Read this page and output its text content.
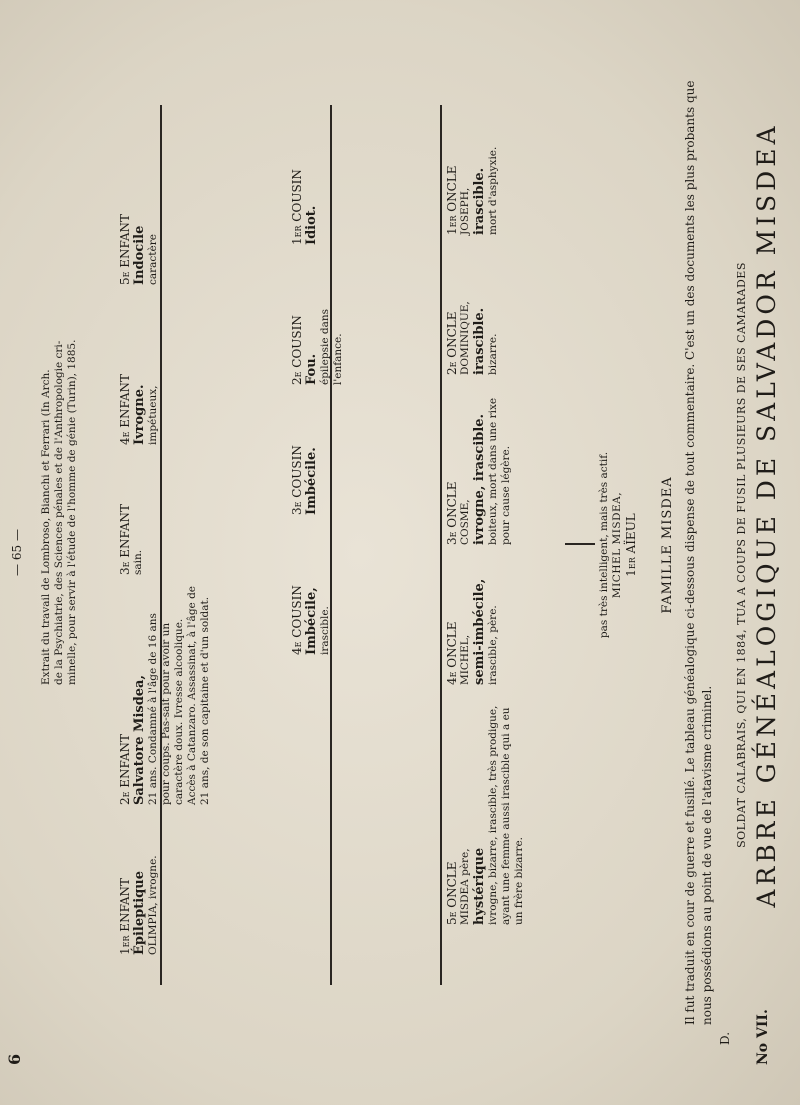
— 65 —
6
Extrait du travail de Lombroso, Bianchi et Ferrari (In Arch. de la Psychiatrie, des Sciences pénales et de l'Anthropologie cri- minelle, pour servir à l'étude de l'homme de génie (Turin), 1885.
5e ENFANT Indocile caractère
4e ENFANT Ivrogne. impétueux,
3e ENFANT sain.
2e ENFANT Salvatore Misdea, 21 ans. Condamné à l'âge de 16 ans pour coups. Pas-sait pour avoir un caractère doux. Ivresse alcoolique. Accès à Catanzaro. Assassinat, à l'âge de 21 ans, de son capitaine et d'un soldat.
1er ENFANT Épileptique OLIMPIA, ivrogne.
1er COUSIN Idiot.
2e COUSIN Fou. épilepsie dans l'enfance.
3e COUSIN Imbécile.
4e COUSIN Imbécile, irascible.
1er ONCLE JOSEPH, irascible. mort d'asphyxie.
2e ONCLE DOMINIQUE, irascible. bizarre.
3e ONCLE COSME, ivrogne, irascible. boiteux, mort dans une rixe pour cause légère.
4e ONCLE MICHEL, semi-imbécile, irascible, père.
5e ONCLE MISDEA père, hystérique ivrogne, bizarre, irascible, très prodigue, ayant une femme aussi irascible qui a eu un frère bizarre.
pas très intelligent, mais très actif. MICHEL MISDEA, 1er AÏEUL FAMILLE MISDEA Il fut traduit en cour de guerre et fusillé. Le tableau généalogique ci-dessous dispense de tout commentaire. C'est un des documents les plus probants que nous possédions au point de vue de l'atavisme criminel.
D.
SOLDAT CALABRAIS, QUI EN 1884, TUA A COUPS DE FUSIL PLUSIEURS DE SES CAMARADES
No VII.
ARBRE GÉNÉALOGIQUE DE SALVADOR MISDEA
